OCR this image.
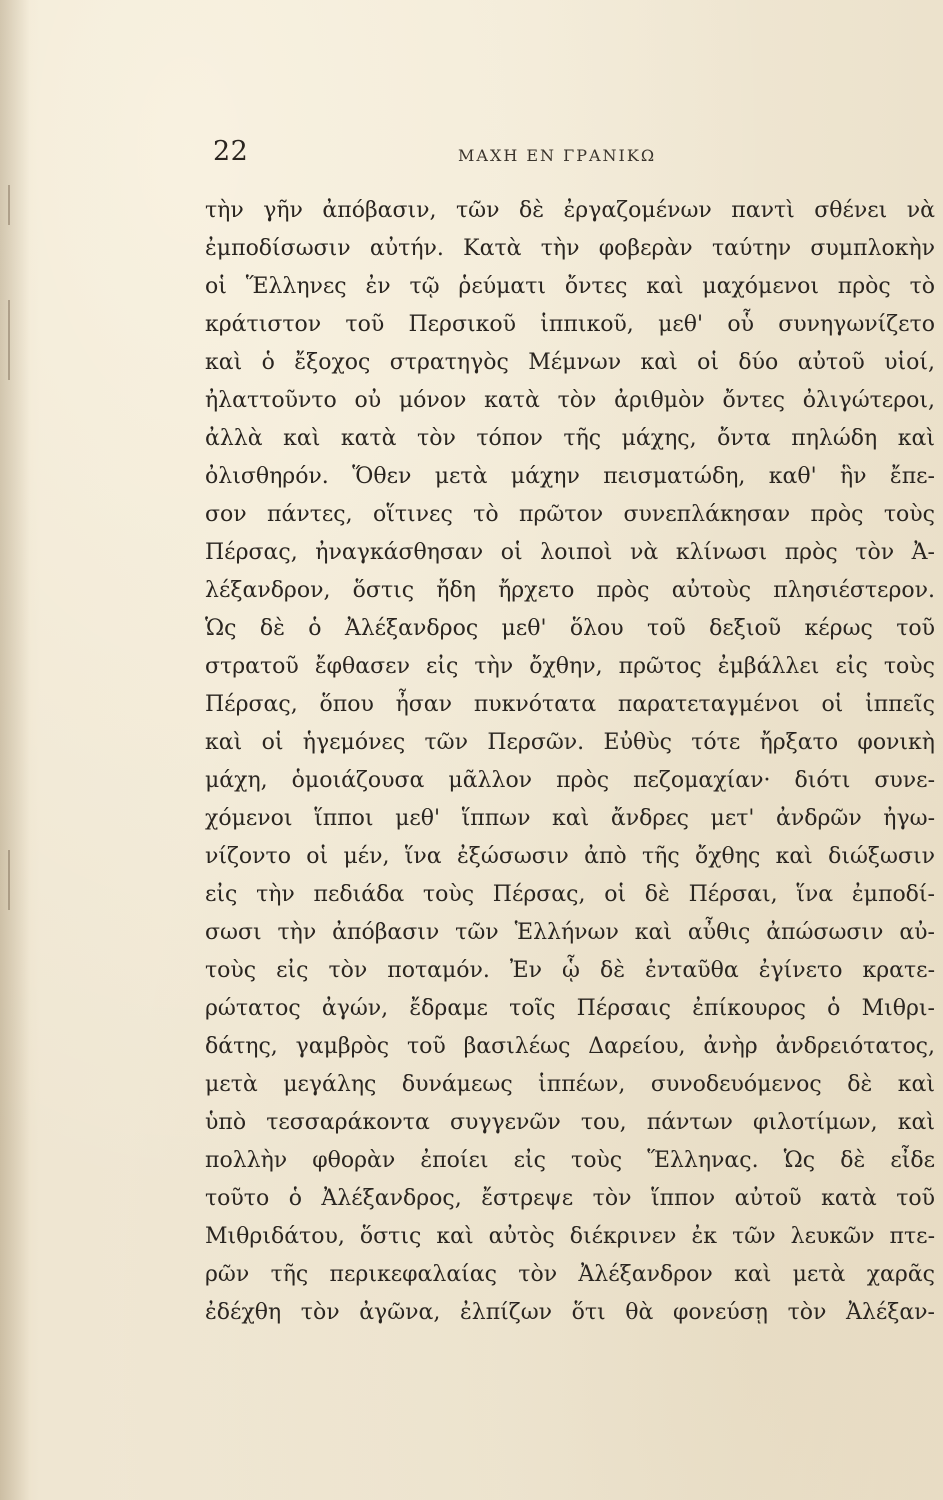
22	ΜΑΧΗ ΕΝ ΓΡΑΝΙΚΩ
τὴν γῆν ἀπόβασιν, τῶν δὲ ἐργαζομένων παντὶ σθένει νὰ
ἐμποδίσωσιν αὐτήν. Κατὰ τὴν φοβερὰν ταύτην συμπλοκὴν
οἱ Ἕλληνες ἐν τῷ ῥεύματι ὄντες καὶ μαχόμενοι πρὸς τὸ
κράτιστον τοῦ Περσικοῦ ἱππικοῦ, μεθ' οὗ συνηγωνίζετο
καὶ ὁ ἔξοχος στρατηγὸς Μέμνων καὶ οἱ δύο αὐτοῦ υἱοί,
ἠλαττοῦντο οὐ μόνον κατὰ τὸν ἀριθμὸν ὄντες ὀλιγώτεροι,
ἀλλὰ καὶ κατὰ τὸν τόπον τῆς μάχης, ὄντα πηλώδη καὶ
ὀλισθηρόν. Ὅθεν μετὰ μάχην πεισματώδη, καθ' ἣν ἔπε-
σον πάντες, οἵτινες τὸ πρῶτον συνεπλάκησαν πρὸς τοὺς
Πέρσας, ἠναγκάσθησαν οἱ λοιποὶ νὰ κλίνωσι πρὸς τὸν Ἀ-
λέξανδρον, ὅστις ἤδη ἤρχετο πρὸς αὐτοὺς πλησιέστερον.
Ὡς δὲ ὁ Ἀλέξανδρος μεθ' ὅλου τοῦ δεξιοῦ κέρως τοῦ
στρατοῦ ἔφθασεν εἰς τὴν ὄχθην, πρῶτος ἐμβάλλει εἰς τοὺς
Πέρσας, ὅπου ἦσαν πυκνότατα παρατεταγμένοι οἱ ἱππεῖς
καὶ οἱ ἡγεμόνες τῶν Περσῶν. Εὐθὺς τότε ἤρξατο φονικὴ
μάχη, ὁμοιάζουσα μᾶλλον πρὸς πεζομαχίαν· διότι συνε-
χόμενοι ἵπποι μεθ' ἵππων καὶ ἄνδρες μετ' ἀνδρῶν ἠγω-
νίζοντο οἱ μέν, ἵνα ἐξώσωσιν ἀπὸ τῆς ὄχθης καὶ διώξωσιν
εἰς τὴν πεδιάδα τοὺς Πέρσας, οἱ δὲ Πέρσαι, ἵνα ἐμποδί-
σωσι τὴν ἀπόβασιν τῶν Ἑλλήνων καὶ αὖθις ἀπώσωσιν αὐ-
τοὺς εἰς τὸν ποταμόν. Ἐν ᾧ δὲ ἐνταῦθα ἐγίνετο κρατε-
ρώτατος ἀγών, ἔδραμε τοῖς Πέρσαις ἐπίκουρος ὁ Μιθρι-
δάτης, γαμβρὸς τοῦ βασιλέως Δαρείου, ἀνὴρ ἀνδρειότατος,
μετὰ μεγάλης δυνάμεως ἱππέων, συνοδευόμενος δὲ καὶ
ὑπὸ τεσσαράκοντα συγγενῶν του, πάντων φιλοτίμων, καὶ
πολλὴν φθορὰν ἐποίει εἰς τοὺς Ἕλληνας. Ὡς δὲ εἶδε
τοῦτο ὁ Ἀλέξανδρος, ἔστρεψε τὸν ἵππον αὐτοῦ κατὰ τοῦ
Μιθριδάτου, ὅστις καὶ αὐτὸς διέκρινεν ἐκ τῶν λευκῶν πτε-
ρῶν τῆς περικεφαλαίας τὸν Ἀλέξανδρον καὶ μετὰ χαρᾶς
ἐδέχθη τὸν ἀγῶνα, ἐλπίζων ὅτι θὰ φονεύσῃ τὸν Ἀλέξαν-
